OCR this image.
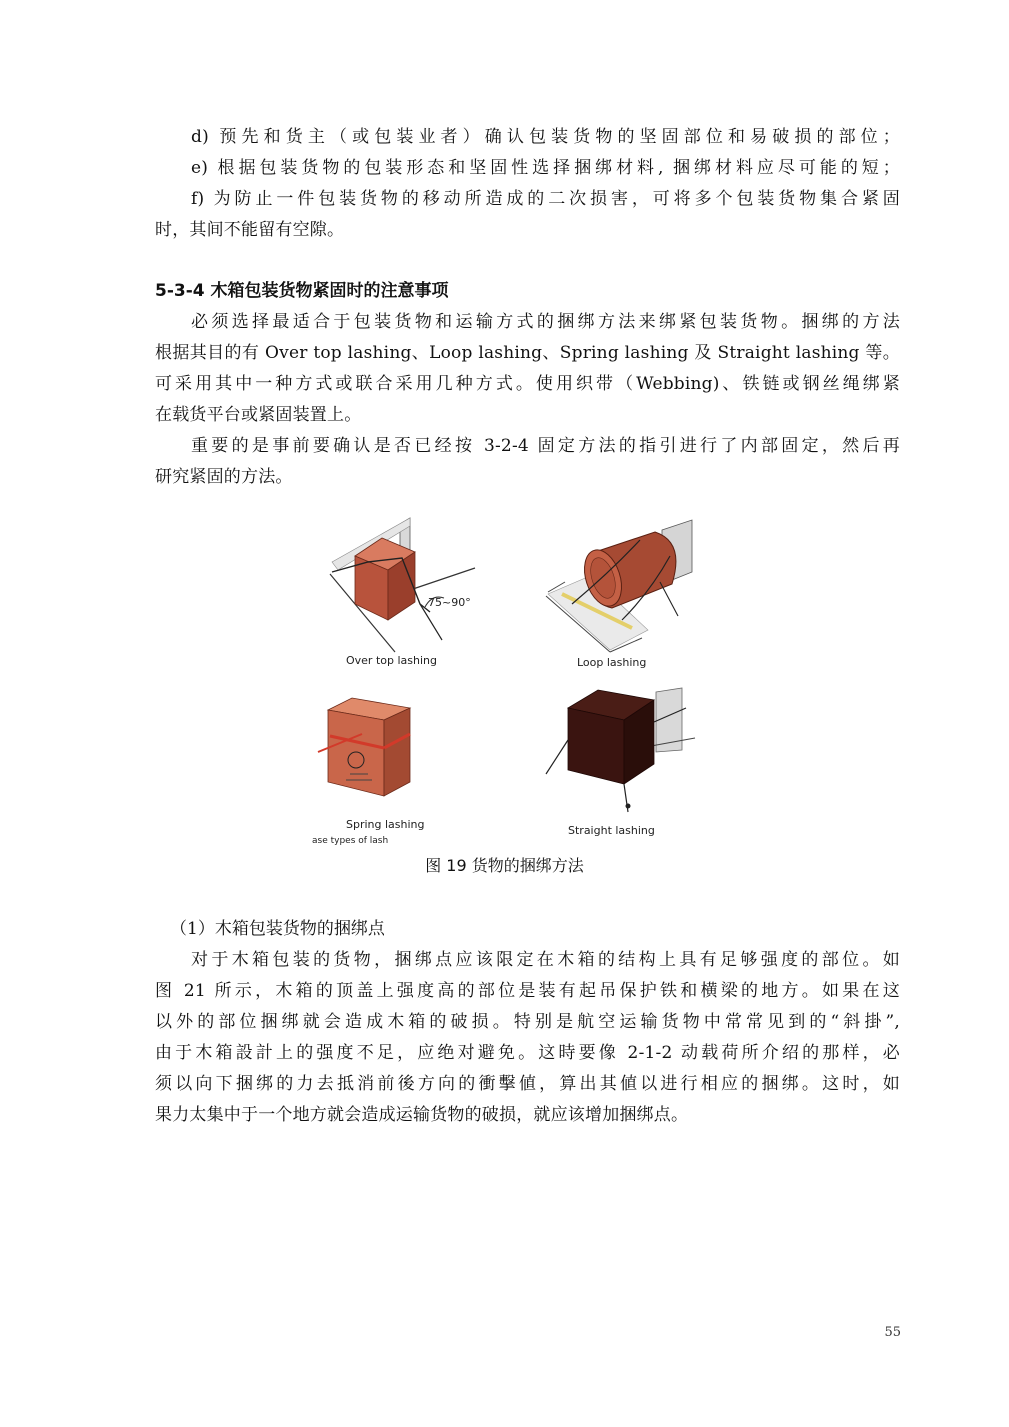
d) 预先和货主（或包装业者）确认包装货物的坚固部位和易破损的部位；
e) 根据包装货物的包装形态和坚固性选择捆绑材料, 捆绑材料应尽可能的短；
f) 为防止一件包装货物的移动所造成的二次损害，可将多个包装货物集合紧固
时，其间不能留有空隙。
5-3-4 木箱包装货物紧固时的注意事项
必须选择最适合于包装货物和运输方式的捆绑方法来绑紧包装货物。捆绑的方法
根据其目的有 Over top lashing、Loop lashing、Spring lashing 及 Straight lashing 等。
可采用其中一种方式或联合采用几种方式。使用织带（Webbing)、铁链或钢丝绳绑紧
在载货平台或紧固装置上。
重要的是事前要确认是否已经按 3-2-4 固定方法的指引进行了内部固定，然后再
研究紧固的方法。
75~90°
Over top lashing	Loop lashing
Spring lashing
ase types of lash
Straight lashing
图 19 货物的捆绑方法
（1）木箱包装货物的捆绑点
对于木箱包装的货物，捆绑点应该限定在木箱的结构上具有足够强度的部位。如
图 21 所示，木箱的顶盖上强度高的部位是装有起吊保护铁和横梁的地方。如果在这
以外的部位捆绑就会造成木箱的破损。特别是航空运输货物中常常见到的“斜掛”,
由于木箱設計上的强度不足，应绝对避免。这時要像 2-1-2 动载荷所介绍的那样，必
须以向下捆绑的力去抵消前後方向的衝擊値，算出其値以进行相应的捆绑。这时，如
果力太集中于一个地方就会造成运输货物的破损，就应该增加捆绑点。
55
